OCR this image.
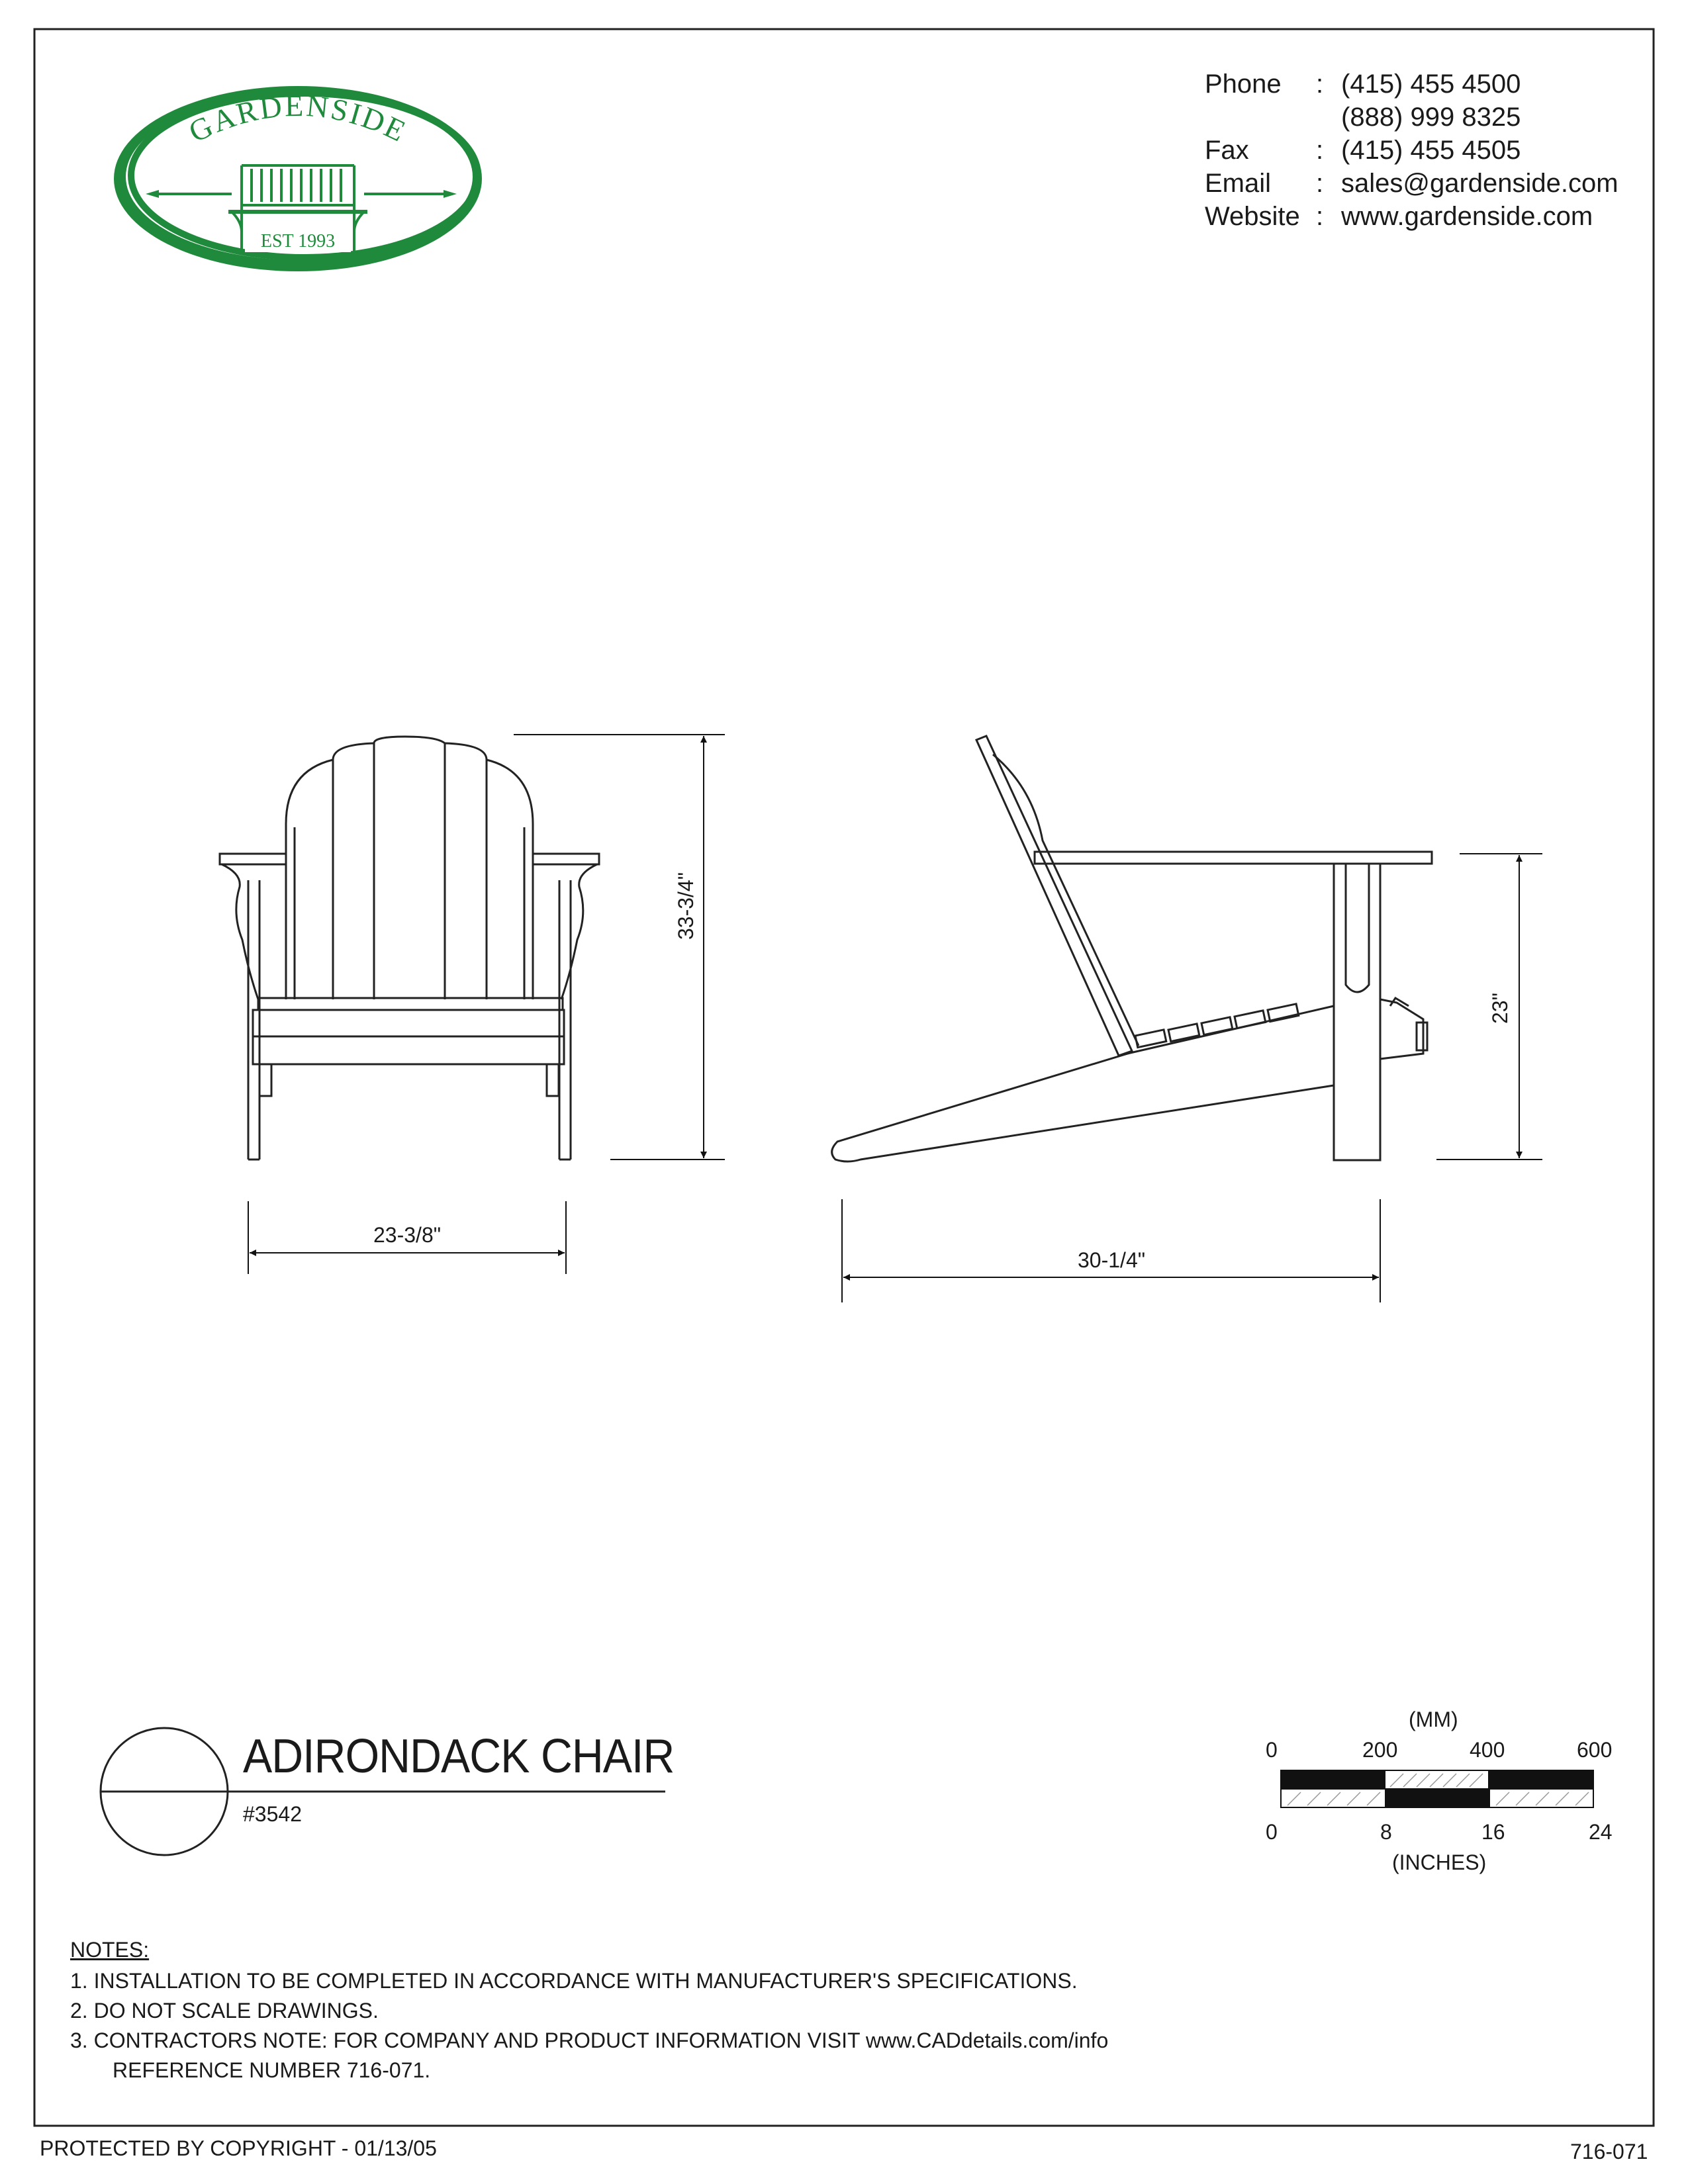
GARDENSIDE
EST 1993
Phone : (415) 455 4500
(888) 999 8325
Fax	: (415) 455 4505
Email : sales@gardenside.com
Website : www.gardenside.com
23-3/8"
33-3/4"
30-1/4"
23"
ADIRONDACK CHAIR
#3542
(MM)
0	200	400	600
0	8	16	24
(INCHES)
NOTES:
1. INSTALLATION TO BE COMPLETED IN ACCORDANCE WITH MANUFACTURER'S SPECIFICATIONS.
2. DO NOT SCALE DRAWINGS.
3. CONTRACTORS NOTE: FOR COMPANY AND PRODUCT INFORMATION VISIT www.CADdetails.com/info
REFERENCE NUMBER 716-071.
PROTECTED BY COPYRIGHT - 01/13/05	716-071
